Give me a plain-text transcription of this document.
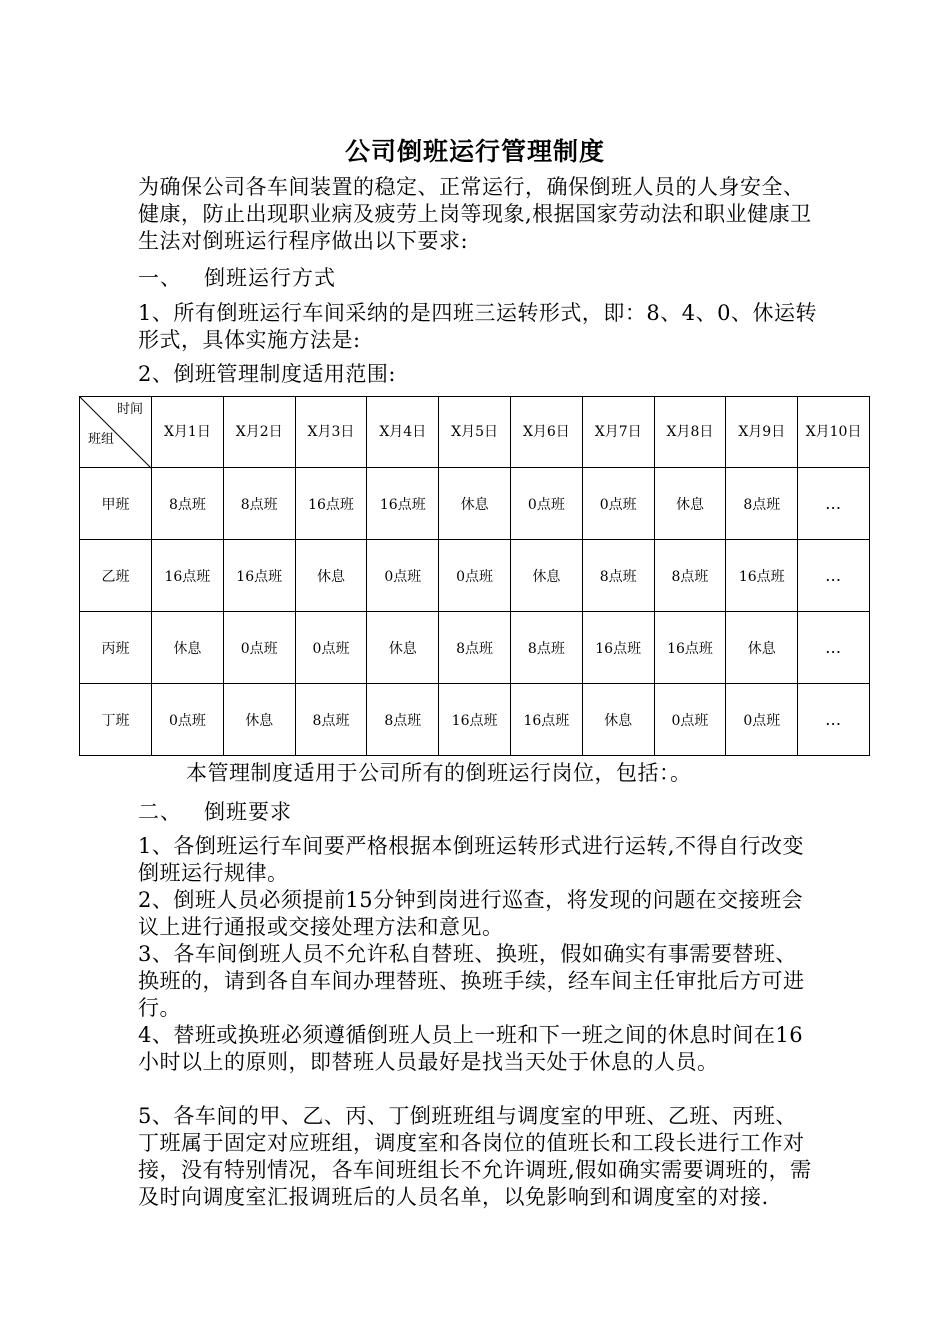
公司倒班运行管理制度

为确保公司各车间装置的稳定、正常运行，确保倒班人员的人身安全、健康，防止出现职业病及疲劳上岗等现象,根据国家劳动法和职业健康卫生法对倒班运行程序做出以下要求:

一、 倒班运行方式

1、所有倒班运行车间采纳的是四班三运转形式，即：8、4、0、休运转形式，具体实施方法是:

2、倒班管理制度适用范围:

时间
班组	X月1日	X月2日	X月3日	X月4日	X月5日	X月6日	X月7日	X月8日	X月9日	X月10日
甲班	8点班	8点班	16点班	16点班	休息	0点班	0点班	休息	8点班	…
乙班	16点班	16点班	休息	0点班	0点班	休息	8点班	8点班	16点班	…
丙班	休息	0点班	0点班	休息	8点班	8点班	16点班	16点班	休息	…
丁班	0点班	休息	8点班	8点班	16点班	16点班	休息	0点班	0点班	…
本管理制度适用于公司所有的倒班运行岗位，包括：。
二、 倒班要求

1、各倒班运行车间要严格根据本倒班运转形式进行运转,不得自行改变倒班运行规律。

2、倒班人员必须提前15分钟到岗进行巡查，将发现的问题在交接班会议上进行通报或交接处理方法和意见。

3、各车间倒班人员不允许私自替班、换班，假如确实有事需要替班、换班的，请到各自车间办理替班、换班手续，经车间主任审批后方可进行。

4、替班或换班必须遵循倒班人员上一班和下一班之间的休息时间在16小时以上的原则，即替班人员最好是找当天处于休息的人员。

5、各车间的甲、乙、丙、丁倒班班组与调度室的甲班、乙班、丙班、丁班属于固定对应班组，调度室和各岗位的值班长和工段长进行工作对接，没有特别情况，各车间班组长不允许调班,假如确实需要调班的，需及时向调度室汇报调班后的人员名单，以免影响到和调度室的对接.
